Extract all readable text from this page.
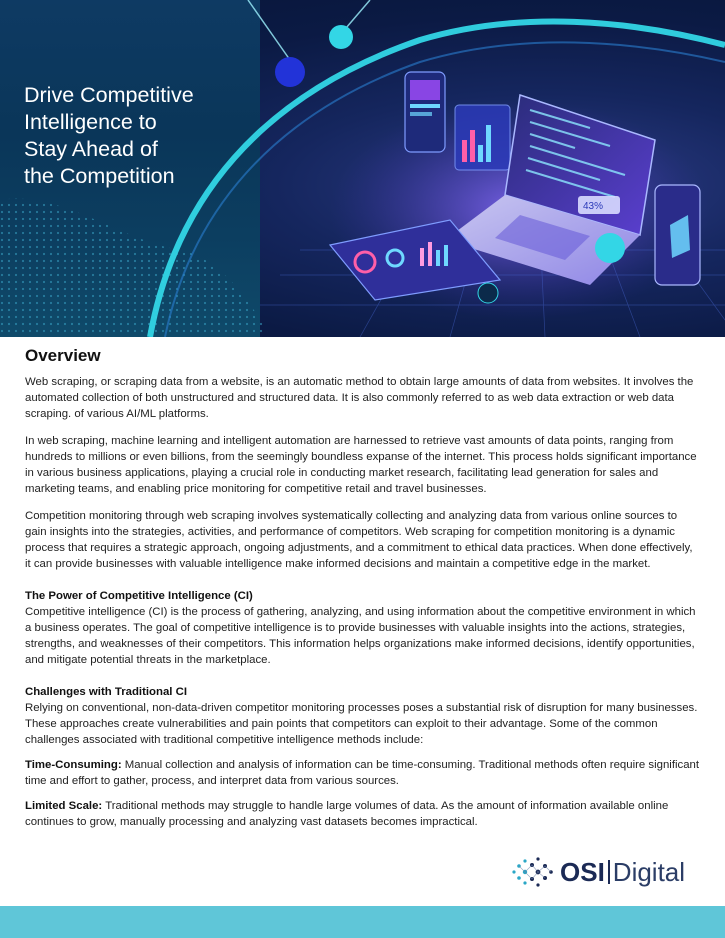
43%
Drive Competitive
Intelligence to
Stay Ahead of
the Competition
Overview

Web scraping, or scraping data from a website, is an automatic method to obtain large amounts of data from websites. It involves the automated collection of both unstructured and structured data. It is also commonly referred to as web data extraction or web data scraping. of various AI/ML platforms.

In web scraping, machine learning and intelligent automation are harnessed to retrieve vast amounts of data points, ranging from hundreds to millions or even billions, from the seemingly boundless expanse of the internet. This process holds significant importance in various business applications, playing a crucial role in conducting market research, facilitating lead generation for sales and marketing teams, and enabling price monitoring for competitive retail and travel businesses.

Competition monitoring through web scraping involves systematically collecting and analyzing data from various online sources to gain insights into the strategies, activities, and performance of competitors. Web scraping for competition monitoring is a dynamic process that requires a strategic approach, ongoing adjustments, and a commitment to ethical data practices. When done effectively, it can provide businesses with valuable intelligence make informed decisions and maintain a competitive edge in the market.

The Power of Competitive Intelligence (CI)

Competitive intelligence (CI) is the process of gathering, analyzing, and using information about the competitive environment in which a business operates. The goal of competitive intelligence is to provide businesses with valuable insights into the actions, strategies, strengths, and weaknesses of their competitors. This information helps organizations make informed decisions, identify opportunities, and mitigate potential threats in the marketplace.

Challenges with Traditional CI

Relying on conventional, non-data-driven competitor monitoring processes poses a substantial risk of disruption for many businesses. These approaches create vulnerabilities and pain points that competitors can exploit to their advantage. Some of the common challenges associated with traditional competitive intelligence methods include:

Time-Consuming: Manual collection and analysis of information can be time-consuming. Traditional methods often require significant time and effort to gather, process, and interpret data from various sources.

Limited Scale: Traditional methods may struggle to handle large volumes of data. As the amount of information available online continues to grow, manually processing and analyzing vast datasets becomes impractical.

OSI Digital
